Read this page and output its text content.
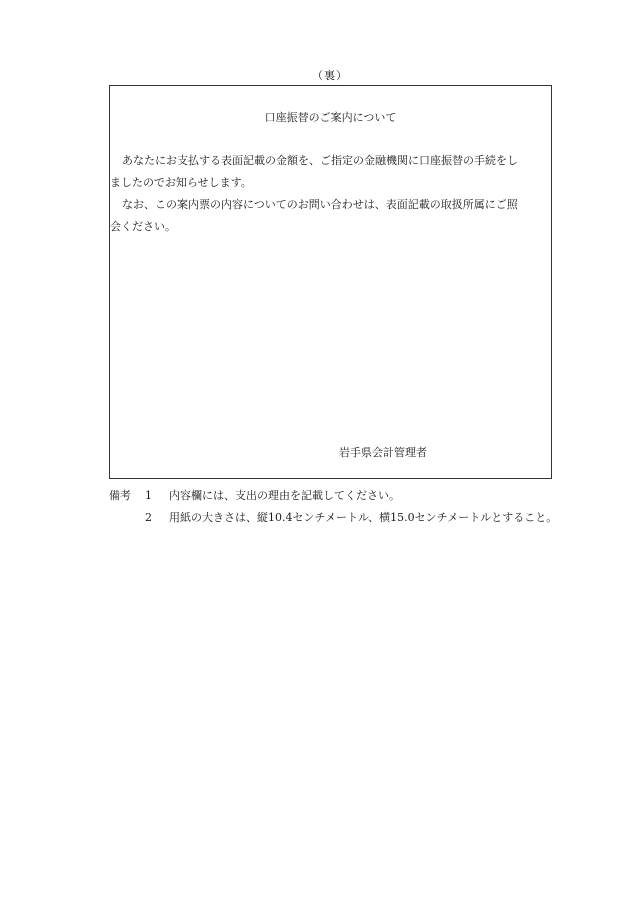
（裏）
口座振替のご案内について
あなたにお支払する表面記載の金額を、ご指定の金融機関に口座振替の手続をし
ましたのでお知らせします。
なお、この案内票の内容についてのお問い合わせは、表面記載の取扱所属にご照
会ください。
岩手県会計管理者
備考 1 内容欄には、支出の理由を記載してください。
2 用紙の大きさは、縦10.4センチメートル、横15.0センチメートルとすること。
